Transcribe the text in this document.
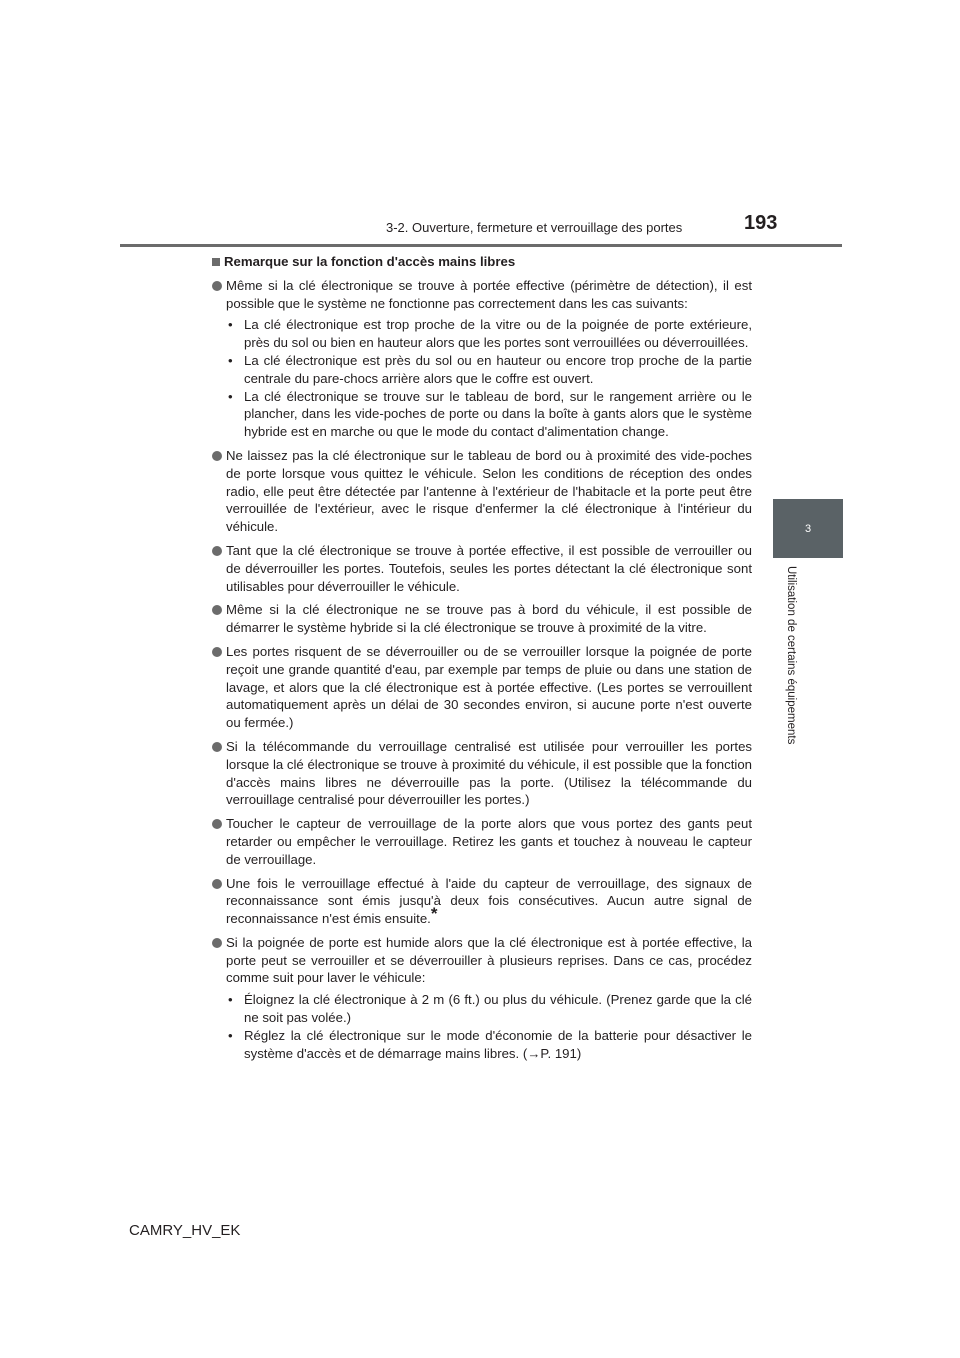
3-2. Ouverture, fermeture et verrouillage des portes	193
3
Utilisation de certains équipements
Remarque sur la fonction d'accès mains libres
Même si la clé électronique se trouve à portée effective (périmètre de détection), il est possible que le système ne fonctionne pas correctement dans les cas suivants:
• La clé électronique est trop proche de la vitre ou de la poignée de porte extérieure, près du sol ou bien en hauteur alors que les portes sont verrouillées ou déverrouillées.
• La clé électronique est près du sol ou en hauteur ou encore trop proche de la partie centrale du pare-chocs arrière alors que le coffre est ouvert.
• La clé électronique se trouve sur le tableau de bord, sur le rangement arrière ou le plancher, dans les vide-poches de porte ou dans la boîte à gants alors que le système hybride est en marche ou que le mode du contact d'alimentation change.
Ne laissez pas la clé électronique sur le tableau de bord ou à proximité des vide-poches de porte lorsque vous quittez le véhicule. Selon les conditions de réception des ondes radio, elle peut être détectée par l'antenne à l'extérieur de l'habitacle et la porte peut être verrouillée de l'extérieur, avec le risque d'enfermer la clé électronique à l'intérieur du véhicule.
Tant que la clé électronique se trouve à portée effective, il est possible de verrouiller ou de déverrouiller les portes. Toutefois, seules les portes détectant la clé électronique sont utilisables pour déverrouiller le véhicule.
Même si la clé électronique ne se trouve pas à bord du véhicule, il est possible de démarrer le système hybride si la clé électronique se trouve à proximité de la vitre.
Les portes risquent de se déverrouiller ou de se verrouiller lorsque la poignée de porte reçoit une grande quantité d'eau, par exemple par temps de pluie ou dans une station de lavage, et alors que la clé électronique est à portée effective. (Les portes se verrouillent automatiquement après un délai de 30 secondes environ, si aucune porte n'est ouverte ou fermée.)
Si la télécommande du verrouillage centralisé est utilisée pour verrouiller les portes lorsque la clé électronique se trouve à proximité du véhicule, il est possible que la fonction d'accès mains libres ne déverrouille pas la porte. (Utilisez la télécommande du verrouillage centralisé pour déverrouiller les portes.)
Toucher le capteur de verrouillage de la porte alors que vous portez des gants peut retarder ou empêcher le verrouillage. Retirez les gants et touchez à nouveau le capteur de verrouillage.
Une fois le verrouillage effectué à l'aide du capteur de verrouillage, des signaux de reconnaissance sont émis jusqu'à deux fois consécutives. Aucun autre signal de reconnaissance n'est émis ensuite.*
Si la poignée de porte est humide alors que la clé électronique est à portée effective, la porte peut se verrouiller et se déverrouiller à plusieurs reprises. Dans ce cas, procédez comme suit pour laver le véhicule:
• Éloignez la clé électronique à 2 m (6 ft.) ou plus du véhicule. (Prenez garde que la clé ne soit pas volée.)
• Réglez la clé électronique sur le mode d'économie de la batterie pour désactiver le système d'accès et de démarrage mains libres. (→P. 191)
CAMRY_HV_EK
